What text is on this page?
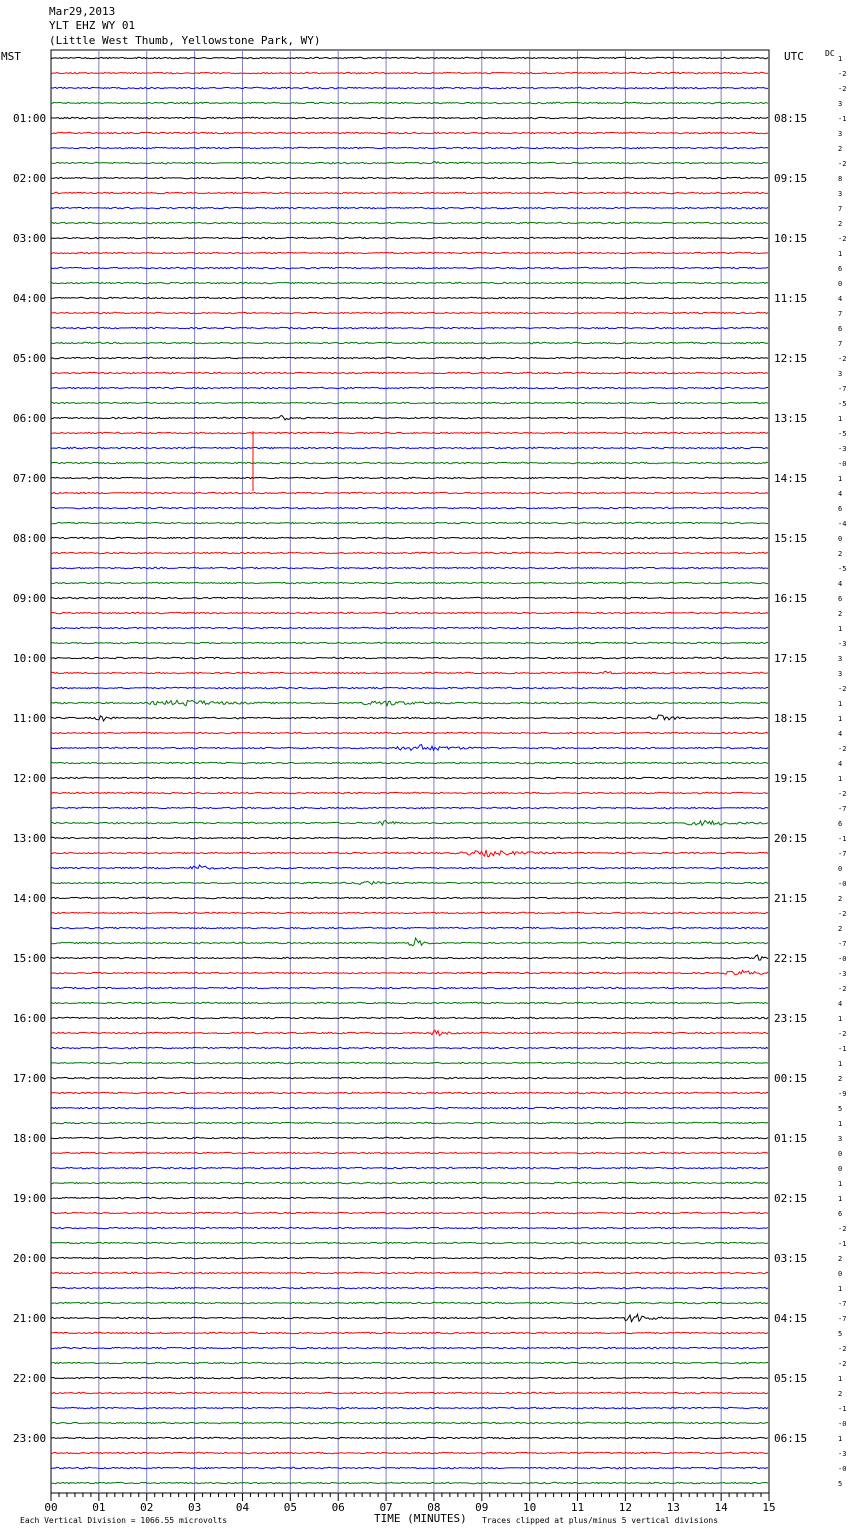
Mar29,2013
YLT EHZ WY 01
(Little West Thumb, Yellowstone Park, WY)
MST	UTC	DC
1
-2
-2
3
-1
3
2
-2
8
3
7
2
-2
1
6
0
4
7
6
7
-2
3
-7
-5
1
-5
-3
-0
1
4
6
-4
0
2
-5
4
6
2
1
-3
3
3
-2
1
1
4
-2
4
1
-2
-7
6
-1
-7
0
-0
2
-2
2
-7
-0
-3
-2
4
1
-2
-1
1
2
-9
5
1
3
0
0
1
1
6
-2
-1
2
0
1
-7
-7
5
-2
-2
1
2
-1
-0
1
-3
-0
5
01:00
02:00
03:00
04:00
05:00
06:00
07:00
08:00
09:00
10:00
11:00
12:00
13:00
14:00
15:00
16:00
17:00
18:00
19:00
20:00
21:00
22:00
23:00
08:15
09:15
10:15
11:15
12:15
13:15
14:15
15:15
16:15
17:15
18:15
19:15
20:15
21:15
22:15
23:15
00:15
01:15
02:15
03:15
04:15
05:15
06:15
00	01	02	03	04	05	06	07	08	09	10	11	12	13	14	15
Each Vertical Division = 1066.55 microvolts	TIME (MINUTES) Traces clipped at plus/minus 5 vertical divisions
